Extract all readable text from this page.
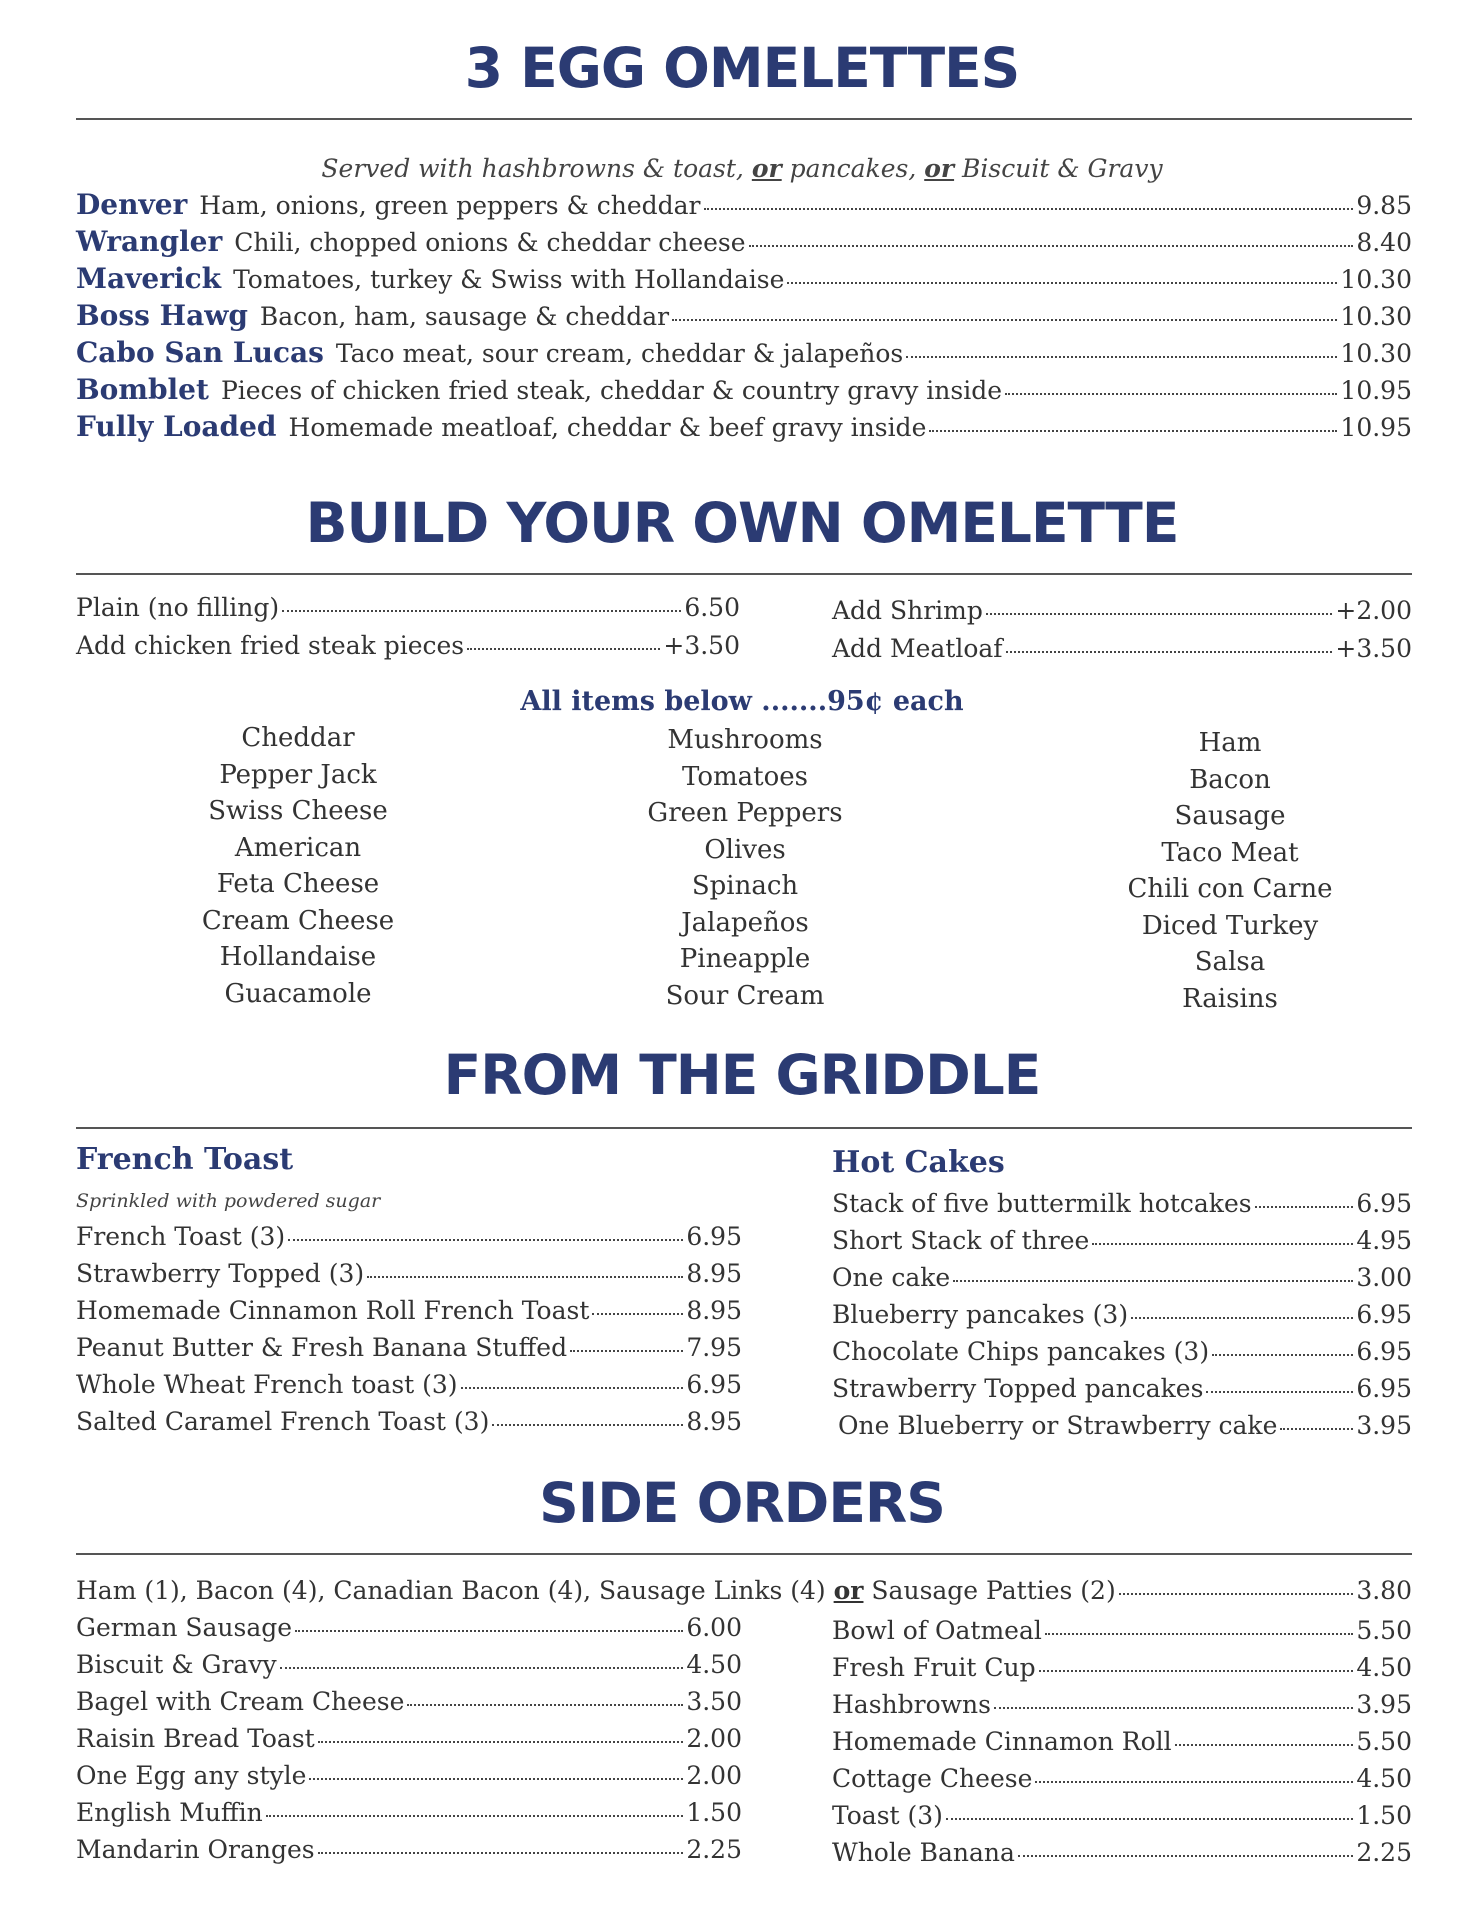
3 EGG OMELETTES
Served with hashbrowns & toast, or pancakes, or Biscuit & Gravy
Denver Ham, onions, green peppers & cheddar	9.85
Wrangler Chili, chopped onions & cheddar cheese	8.40
Maverick Tomatoes, turkey & Swiss with Hollandaise	10.30
Boss Hawg Bacon, ham, sausage & cheddar	10.30
Cabo San Lucas Taco meat, sour cream, cheddar & jalapeños	10.30
Bomblet Pieces of chicken fried steak, cheddar & country gravy inside	10.95
Fully Loaded Homemade meatloaf, cheddar & beef gravy inside	10.95
BUILD YOUR OWN OMELETTE
Plain (no filling)	6.50
Add chicken fried steak pieces	+3.50
Add Shrimp	+2.00
Add Meatloaf	+3.50
All items below .......95¢ each
Cheddar
Pepper Jack
Swiss Cheese
American
Feta Cheese
Cream Cheese
Hollandaise
Guacamole
Mushrooms
Tomatoes
Green Peppers
Olives
Spinach
Jalapeños
Pineapple
Sour Cream
Ham
Bacon
Sausage
Taco Meat
Chili con Carne
Diced Turkey
Salsa
Raisins
FROM THE GRIDDLE
French Toast
Sprinkled with powdered sugar
French Toast (3)	6.95
Strawberry Topped (3)	8.95
Homemade Cinnamon Roll French Toast	8.95
Peanut Butter & Fresh Banana Stuffed	7.95
Whole Wheat French toast (3)	6.95
Salted Caramel French Toast (3)	8.95
Hot Cakes
Stack of five buttermilk hotcakes	6.95
Short Stack of three	4.95
One cake	3.00
Blueberry pancakes (3)	6.95
Chocolate Chips pancakes (3)	6.95
Strawberry Topped pancakes	6.95
One Blueberry or Strawberry cake	3.95
SIDE ORDERS
Ham (1), Bacon (4), Canadian Bacon (4), Sausage Links (4) or Sausage Patties (2)	3.80
German Sausage	6.00
Biscuit & Gravy	4.50
Bagel with Cream Cheese	3.50
Raisin Bread Toast	2.00
One Egg any style	2.00
English Muffin	1.50
Mandarin Oranges	2.25
Bowl of Oatmeal	5.50
Fresh Fruit Cup	4.50
Hashbrowns	3.95
Homemade Cinnamon Roll	5.50
Cottage Cheese	4.50
Toast (3)	1.50
Whole Banana	2.25
